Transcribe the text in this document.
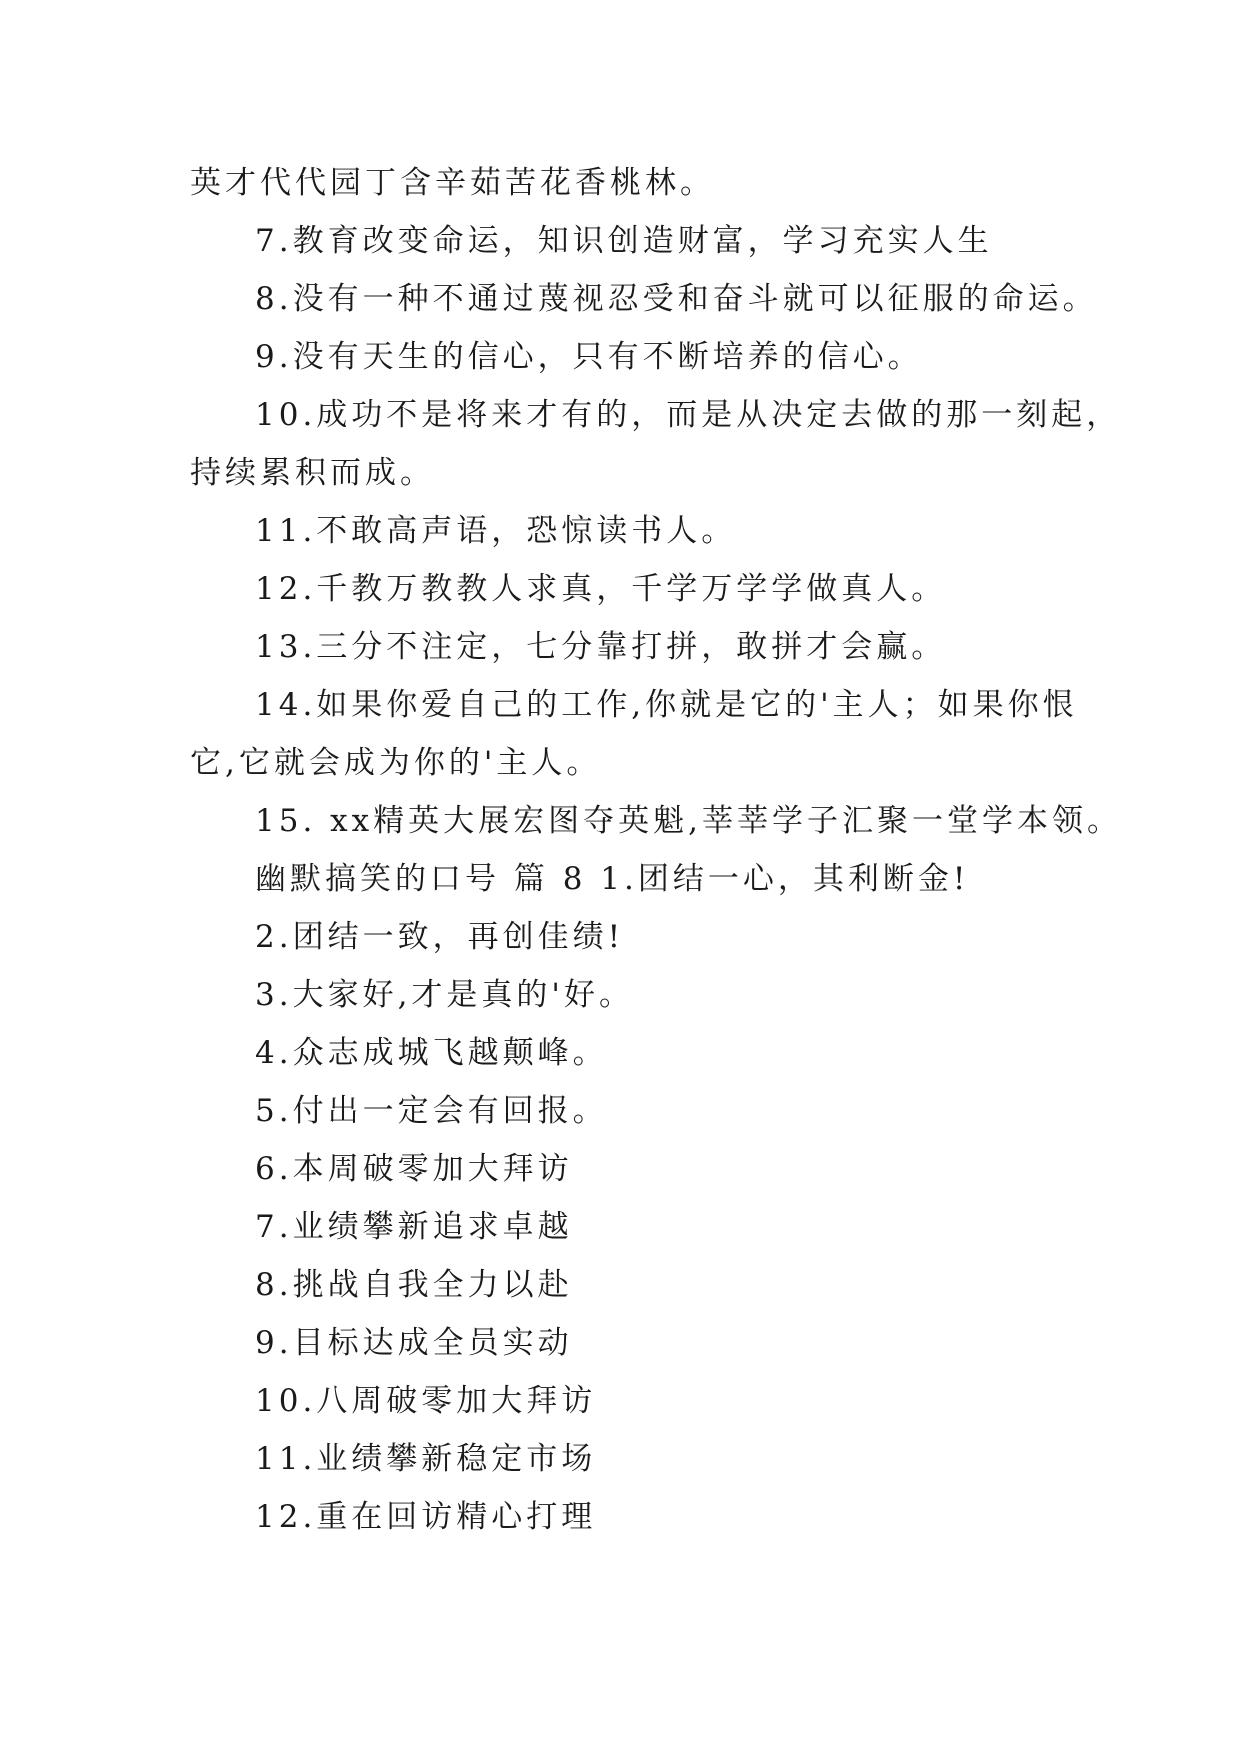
英才代代园丁含辛茹苦花香桃林。
7.教育改变命运，知识创造财富，学习充实人生
8.没有一种不通过蔑视忍受和奋斗就可以征服的命运。
9.没有天生的信心，只有不断培养的信心。
10.成功不是将来才有的，而是从决定去做的那一刻起，
持续累积而成。
11.不敢高声语，恐惊读书人。
12.千教万教教人求真，千学万学学做真人。
13.三分不注定，七分靠打拼，敢拼才会赢。
14.如果你爱自己的工作,你就是它的'主人；如果你恨
它,它就会成为你的'主人。
15. xx精英大展宏图夺英魁,莘莘学子汇聚一堂学本领。
幽默搞笑的口号 篇 8 1.团结一心，其利断金!
2.团结一致，再创佳绩!
3.大家好,才是真的'好。
4.众志成城飞越颠峰。
5.付出一定会有回报。
6.本周破零加大拜访
7.业绩攀新追求卓越
8.挑战自我全力以赴
9.目标达成全员实动
10.八周破零加大拜访
11.业绩攀新稳定市场
12.重在回访精心打理
